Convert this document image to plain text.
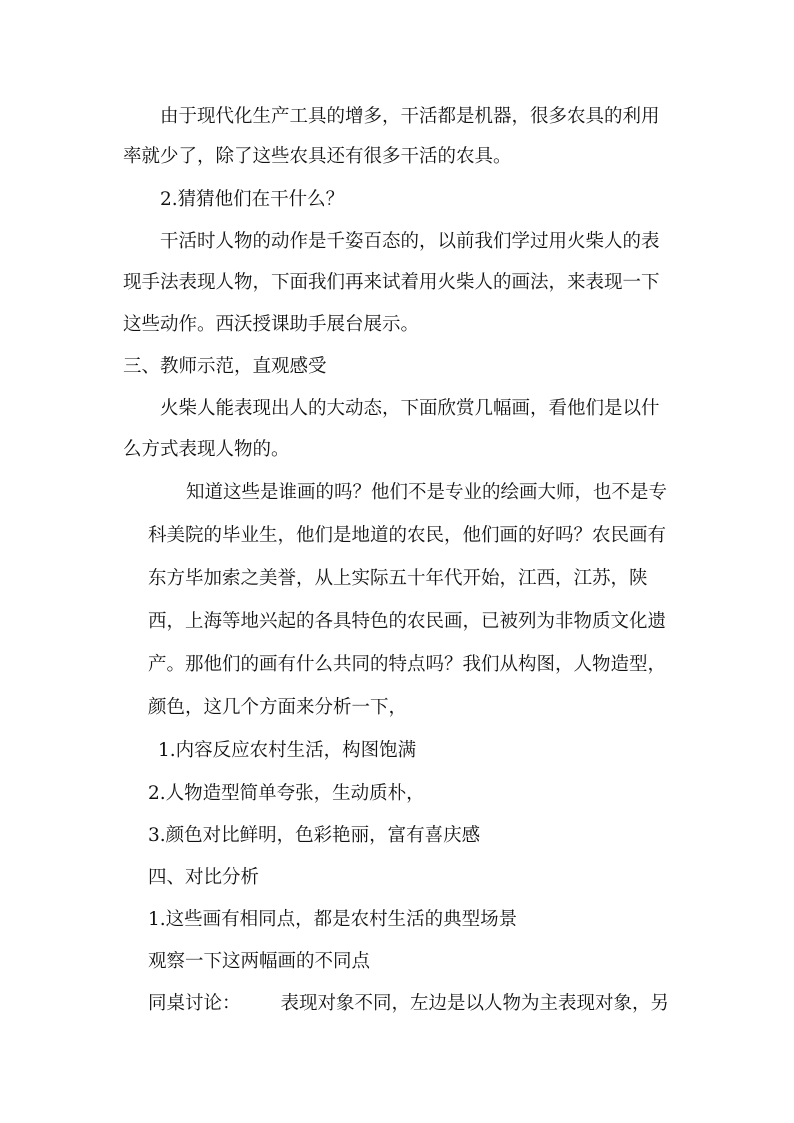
由于现代化生产工具的增多，干活都是机器，很多农具的利用

率就少了，除了这些农具还有很多干活的农具。

2.猜猜他们在干什么？

干活时人物的动作是千姿百态的，以前我们学过用火柴人的表

现手法表现人物，下面我们再来试着用火柴人的画法，来表现一下

这些动作。西沃授课助手展台展示。

三、教师示范，直观感受

火柴人能表现出人的大动态，下面欣赏几幅画，看他们是以什

么方式表现人物的。

知道这些是谁画的吗？他们不是专业的绘画大师，也不是专

科美院的毕业生，他们是地道的农民，他们画的好吗？农民画有

东方毕加索之美誉，从上实际五十年代开始，江西，江苏，陕

西，上海等地兴起的各具特色的农民画，已被列为非物质文化遗

产。那他们的画有什么共同的特点吗？我们从构图，人物造型，

颜色，这几个方面来分析一下，

1.内容反应农村生活，构图饱满

2.人物造型简单夸张，生动质朴，

3.颜色对比鲜明，色彩艳丽，富有喜庆感

四、对比分析

1.这些画有相同点，都是农村生活的典型场景

观察一下这两幅画的不同点

同桌讨论： 表现对象不同，左边是以人物为主表现对象，另
